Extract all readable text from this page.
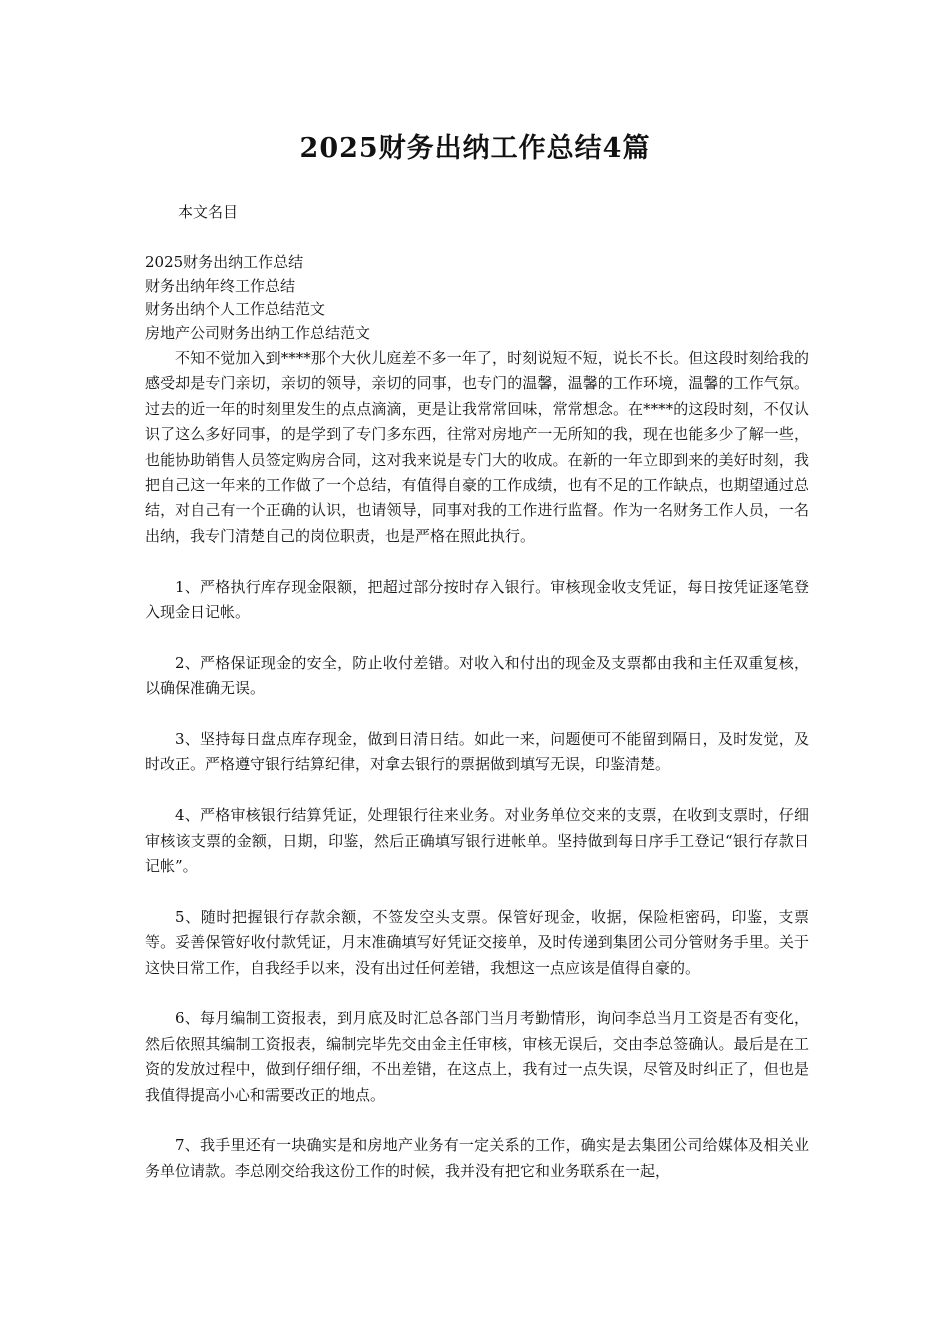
2025财务出纳工作总结4篇

本文名目

2025财务出纳工作总结
财务出纳年终工作总结
财务出纳个人工作总结范文
房地产公司财务出纳工作总结范文

不知不觉加入到****那个大伙儿庭差不多一年了，时刻说短不短，说长不长。但这段时刻给我的感受却是专门亲切，亲切的领导，亲切的同事，也专门的温馨，温馨的工作环境，温馨的工作气氛。过去的近一年的时刻里发生的点点滴滴，更是让我常常回味，常常想念。在****的这段时刻，不仅认识了这么多好同事，的是学到了专门多东西，往常对房地产一无所知的我，现在也能多少了解一些，也能协助销售人员签定购房合同，这对我来说是专门大的收成。在新的一年立即到来的美好时刻，我把自己这一年来的工作做了一个总结，有值得自豪的工作成绩，也有不足的工作缺点，也期望通过总结，对自己有一个正确的认识，也请领导，同事对我的工作进行监督。作为一名财务工作人员，一名出纳，我专门清楚自己的岗位职责，也是严格在照此执行。

1、严格执行库存现金限额，把超过部分按时存入银行。审核现金收支凭证，每日按凭证逐笔登入现金日记帐。

2、严格保证现金的安全，防止收付差错。对收入和付出的现金及支票都由我和主任双重复核，以确保准确无误。

3、坚持每日盘点库存现金，做到日清日结。如此一来，问题便可不能留到隔日，及时发觉，及时改正。严格遵守银行结算纪律，对拿去银行的票据做到填写无误，印鉴清楚。

4、严格审核银行结算凭证，处理银行往来业务。对业务单位交来的支票，在收到支票时，仔细审核该支票的金额，日期，印鉴，然后正确填写银行进帐单。坚持做到每日序手工登记“银行存款日记帐”。

5、随时把握银行存款余额，不签发空头支票。保管好现金，收据，保险柜密码，印鉴，支票等。妥善保管好收付款凭证，月末准确填写好凭证交接单，及时传递到集团公司分管财务手里。关于这快日常工作，自我经手以来，没有出过任何差错，我想这一点应该是值得自豪的。

6、每月编制工资报表，到月底及时汇总各部门当月考勤情形，询问李总当月工资是否有变化，然后依照其编制工资报表，编制完毕先交由金主任审核，审核无误后，交由李总签确认。最后是在工资的发放过程中，做到仔细仔细，不出差错，在这点上，我有过一点失误，尽管及时纠正了，但也是我值得提高小心和需要改正的地点。

7、我手里还有一块确实是和房地产业务有一定关系的工作，确实是去集团公司给媒体及相关业务单位请款。李总刚交给我这份工作的时候，我并没有把它和业务联系在一起，
